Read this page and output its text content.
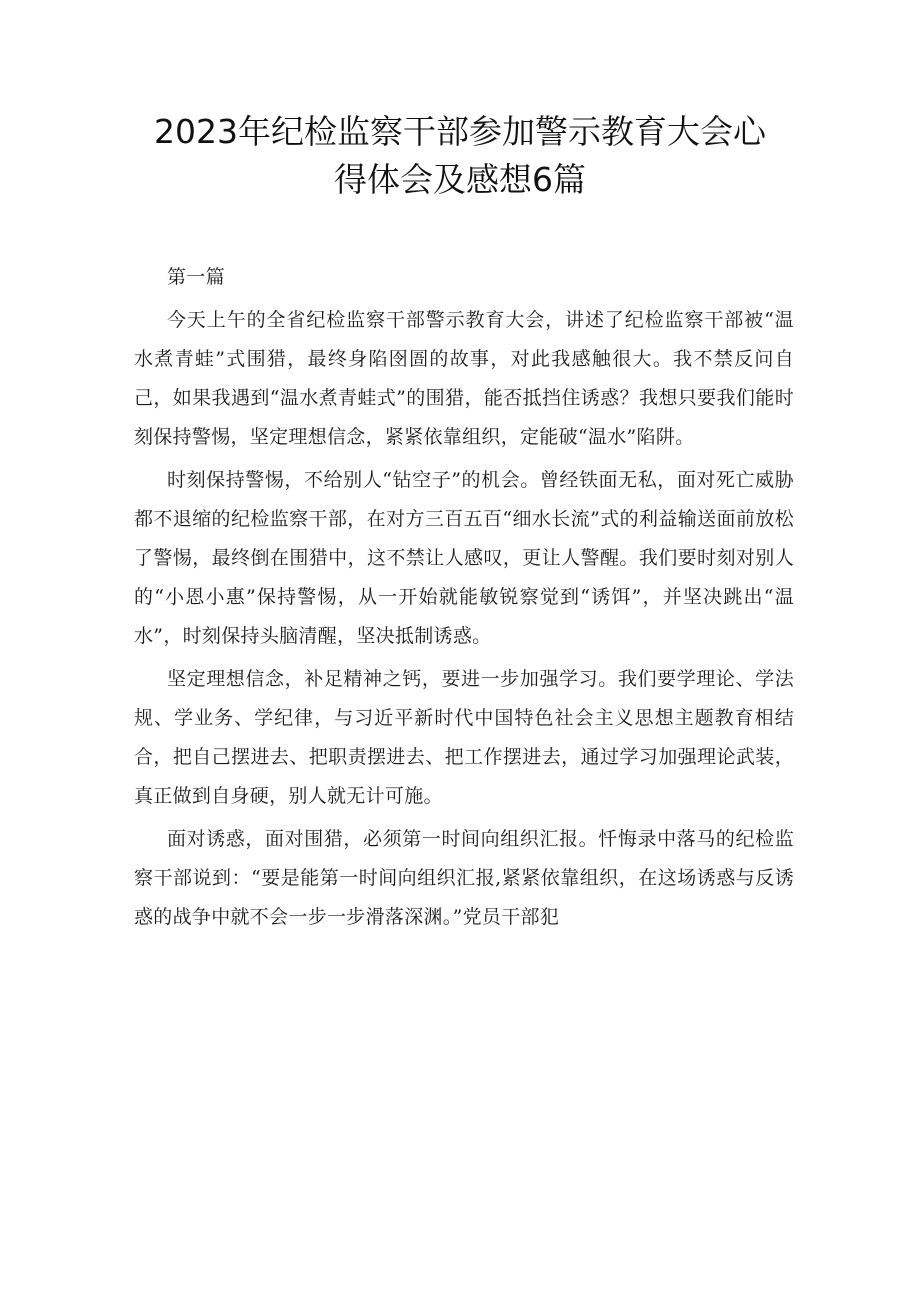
2023年纪检监察干部参加警示教育大会心
得体会及感想6篇

第一篇

今天上午的全省纪检监察干部警示教育大会，讲述了纪检监察干部被“温水煮青蛙”式围猎，最终身陷囹圄的故事，对此我感触很大。我不禁反问自己，如果我遇到“温水煮青蛙式”的围猎，能否抵挡住诱惑？我想只要我们能时刻保持警惕，坚定理想信念，紧紧依靠组织，定能破“温水”陷阱。

时刻保持警惕，不给别人“钻空子”的机会。曾经铁面无私，面对死亡威胁都不退缩的纪检监察干部，在对方三百五百“细水长流”式的利益输送面前放松了警惕，最终倒在围猎中，这不禁让人感叹，更让人警醒。我们要时刻对别人的“小恩小惠”保持警惕，从一开始就能敏锐察觉到“诱饵”，并坚决跳出“温水”，时刻保持头脑清醒，坚决抵制诱惑。

坚定理想信念，补足精神之钙，要进一步加强学习。我们要学理论、学法规、学业务、学纪律，与习近平新时代中国特色社会主义思想主题教育相结合，把自己摆进去、把职责摆进去、把工作摆进去，通过学习加强理论武装，真正做到自身硬，别人就无计可施。

面对诱惑，面对围猎，必须第一时间向组织汇报。忏悔录中落马的纪检监察干部说到：“要是能第一时间向组织汇报,紧紧依靠组织，在这场诱惑与反诱惑的战争中就不会一步一步滑落深渊。”党员干部犯
